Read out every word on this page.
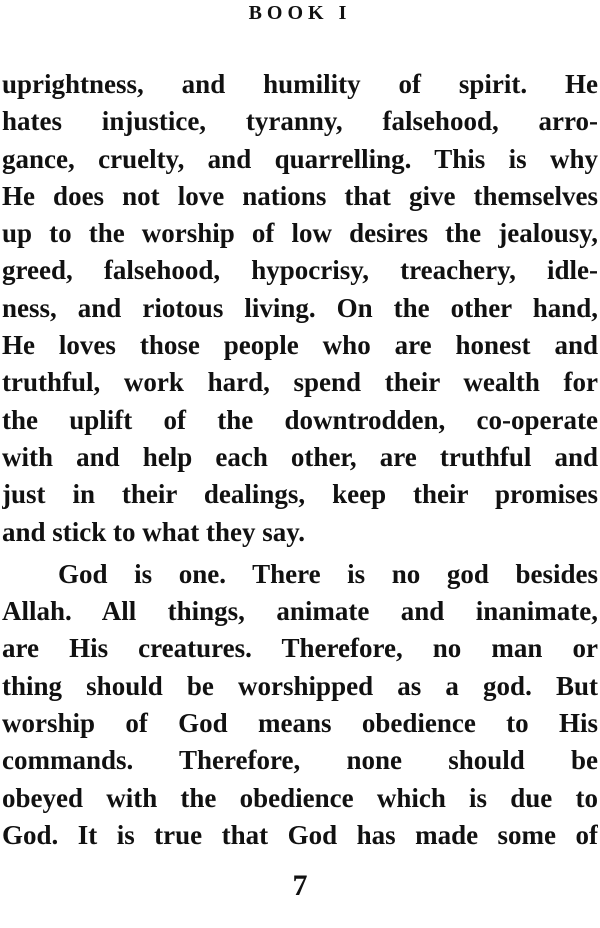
BOOK I
uprightness, and humility of spirit. He
hates injustice, tyranny, falsehood, arro-
gance, cruelty, and quarrelling. This is why
He does not love nations that give themselves
up to the worship of low desires the jealousy,
greed, falsehood, hypocrisy, treachery, idle-
ness, and riotous living. On the other hand,
He loves those people who are honest and
truthful, work hard, spend their wealth for
the uplift of the downtrodden, co-operate
with and help each other, are truthful and
just in their dealings, keep their promises
and stick to what they say.
God is one. There is no god besides
Allah. All things, animate and inanimate,
are His creatures. Therefore, no man or
thing should be worshipped as a god. But
worship of God means obedience to His
commands. Therefore, none should be
obeyed with the obedience which is due to
God. It is true that God has made some of
7
